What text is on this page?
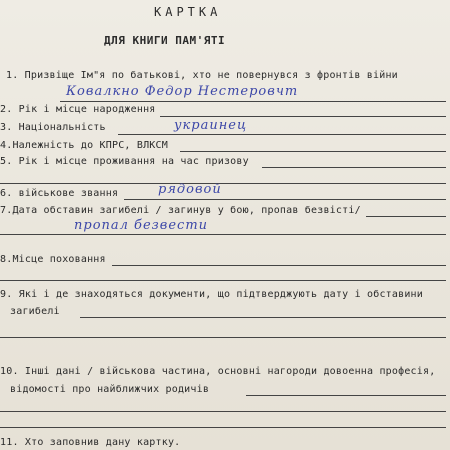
КАРТКА
ДЛЯ КНИГИ ПАМ'ЯТІ
1. Призвіще Ім"я по батькові, хто не повернувся з фронтів війни
Ковалкно Федор Нестеровчт
2. Рік і місце народження
3. Національність	украинец
4.Належність до КПРС, ВЛКСМ
5. Рік і місце проживання на час призову
6. військове звання	рядовой
7.Дата обставин загибелі / загинув у бою, пропав безвісті/
пропал безвести
8.Місце поховання
9. Які і де знаходяться документи, що підтверджують дату і обставини
загибелі
10. Інші дані / військова частина, основні нагороди довоенна професія,
відомості про найближчих родичів
11. Хто заповнив дану картку.
